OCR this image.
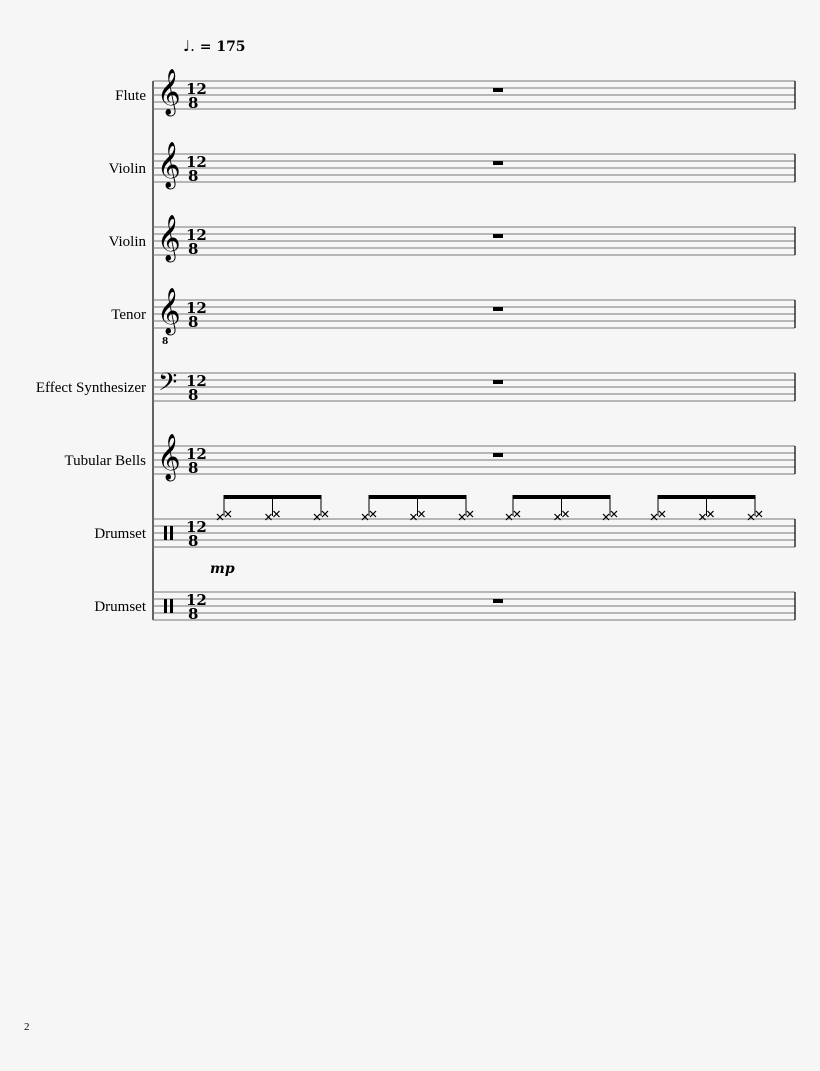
♩. = 175
Flute
Violin
Violin
Tenor
Effect Synthesizer
Tubular Bells
Drumset
Drumset
mp
2
𝄞 12
8
𝄞 12
8
𝄞 12
8
𝄞
8
12
8
𝄢 12
8
𝄞 12
8
12
8
12
8
